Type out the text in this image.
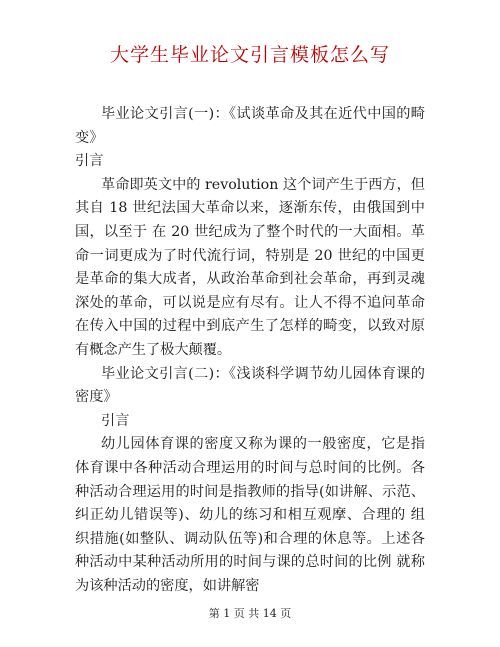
大学生毕业论文引言模板怎么写

毕业论文引言(一)：《试谈革命及其在近代中国的畸变》

引言

革命即英文中的 revolution 这个词产生于西方，但其自 18 世纪法国大革命以来，逐渐东传，由俄国到中国，以至于 在 20 世纪成为了整个时代的一大面相。革命一词更成为了时代流行词，特别是 20 世纪的中国更是革命的集大成者，从政治革命到社会革命，再到灵魂深处的革命，可以说是应有尽有。让人不得不追问革命在传入中国的过程中到底产生了怎样的畸变，以致对原有概念产生了极大颠覆。

毕业论文引言(二)：《浅谈科学调节幼儿园体育课的密度》

引言

幼儿园体育课的密度又称为课的一般密度，它是指体育课中各种活动合理运用的时间与总时间的比例。各 种活动合理运用的时间是指教师的指导(如讲解、示范、纠正幼儿错误等)、幼儿的练习和相互观摩、合理的 组织措施(如整队、调动队伍等)和合理的休息等。上述各种活动中某种活动所用的时间与课的总时间的比例 就称为该种活动的密度，如讲解密

第 1 页 共 14 页
